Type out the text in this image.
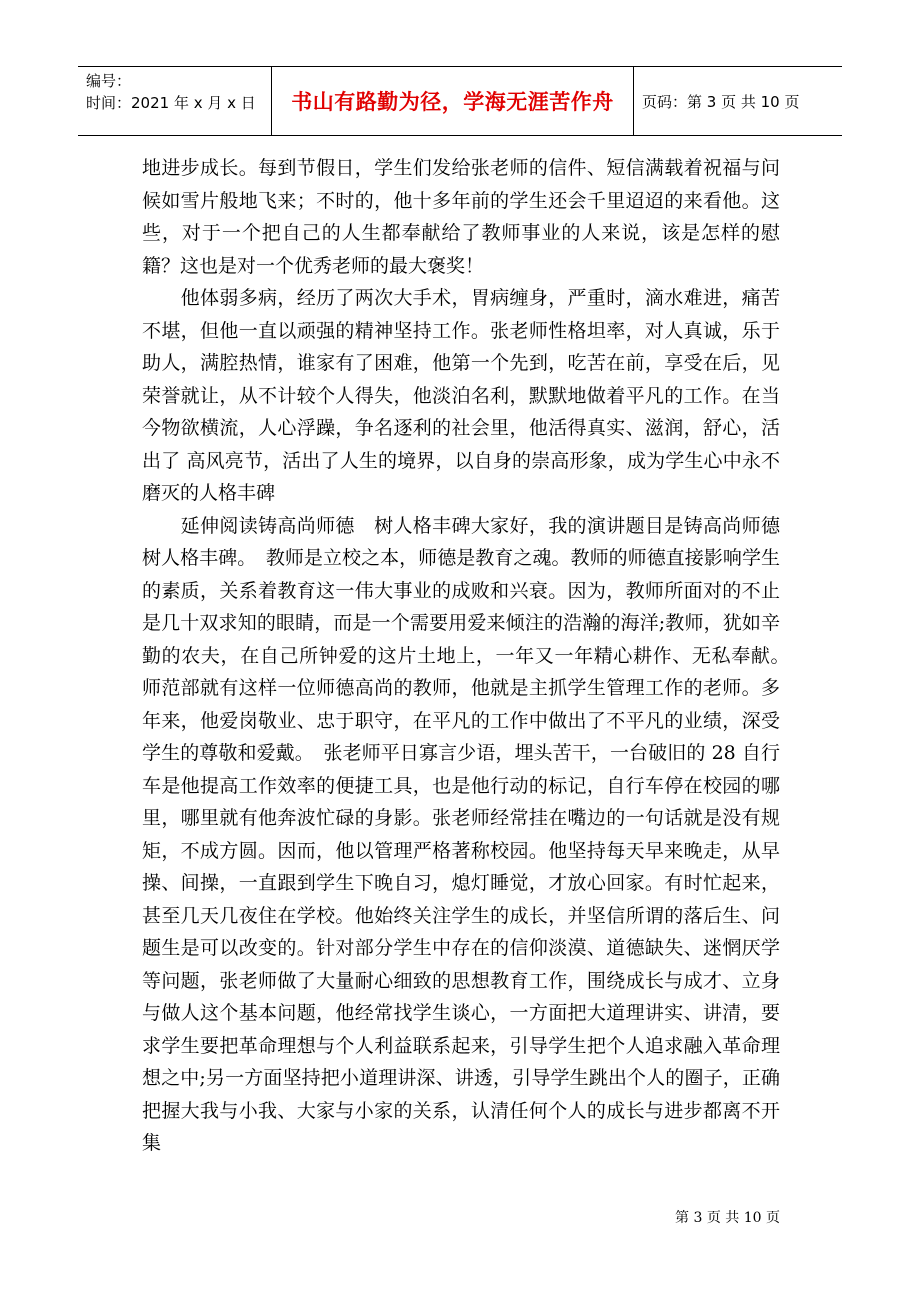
编号：
时间：2021 年 x 月 x 日	书山有路勤为径，学海无涯苦作舟	页码：第 3 页 共 10 页

地进步成长。每到节假日，学生们发给张老师的信件、短信满载着祝福与问候如雪片般地飞来；不时的，他十多年前的学生还会千里迢迢的来看他。这些，对于一个把自己的人生都奉献给了教师事业的人来说，该是怎样的慰籍？这也是对一个优秀老师的最大褒奖！

　　他体弱多病，经历了两次大手术，胃病缠身，严重时，滴水难进，痛苦不堪，但他一直以顽强的精神坚持工作。张老师性格坦率，对人真诚，乐于助人，满腔热情，谁家有了困难，他第一个先到，吃苦在前，享受在后，见荣誉就让，从不计较个人得失，他淡泊名利，默默地做着平凡的工作。在当今物欲横流，人心浮躁，争名逐利的社会里，他活得真实、滋润，舒心，活出了 高风亮节，活出了人生的境界，以自身的崇高形象，成为学生心中永不磨灭的人格丰碑

　　延伸阅读铸高尚师德　树人格丰碑大家好，我的演讲题目是铸高尚师德树人格丰碑。　教师是立校之本，师德是教育之魂。教师的师德直接影响学生的素质，关系着教育这一伟大事业的成败和兴衰。因为，教师所面对的不止是几十双求知的眼睛，而是一个需要用爱来倾注的浩瀚的海洋;教师，犹如辛勤的农夫，在自己所钟爱的这片土地上，一年又一年精心耕作、无私奉献。　师范部就有这样一位师德高尚的教师，他就是主抓学生管理工作的老师。多年来，他爱岗敬业、忠于职守，在平凡的工作中做出了不平凡的业绩，深受学生的尊敬和爱戴。　张老师平日寡言少语，埋头苦干，一台破旧的 28 自行车是他提高工作效率的便捷工具，也是他行动的标记，自行车停在校园的哪里，哪里就有他奔波忙碌的身影。张老师经常挂在嘴边的一句话就是没有规矩，不成方圆。因而，他以管理严格著称校园。他坚持每天早来晚走，从早操、间操，一直跟到学生下晚自习，熄灯睡觉，才放心回家。有时忙起来，甚至几天几夜住在学校。他始终关注学生的成长，并坚信所谓的落后生、问题生是可以改变的。针对部分学生中存在的信仰淡漠、道德缺失、迷惘厌学等问题，张老师做了大量耐心细致的思想教育工作，围绕成长与成才、立身与做人这个基本问题，他经常找学生谈心，一方面把大道理讲实、讲清，要求学生要把革命理想与个人利益联系起来，引导学生把个人追求融入革命理想之中;另一方面坚持把小道理讲深、讲透，引导学生跳出个人的圈子，正确把握大我与小我、大家与小家的关系，认清任何个人的成长与进步都离不开集

第 3 页 共 10 页
